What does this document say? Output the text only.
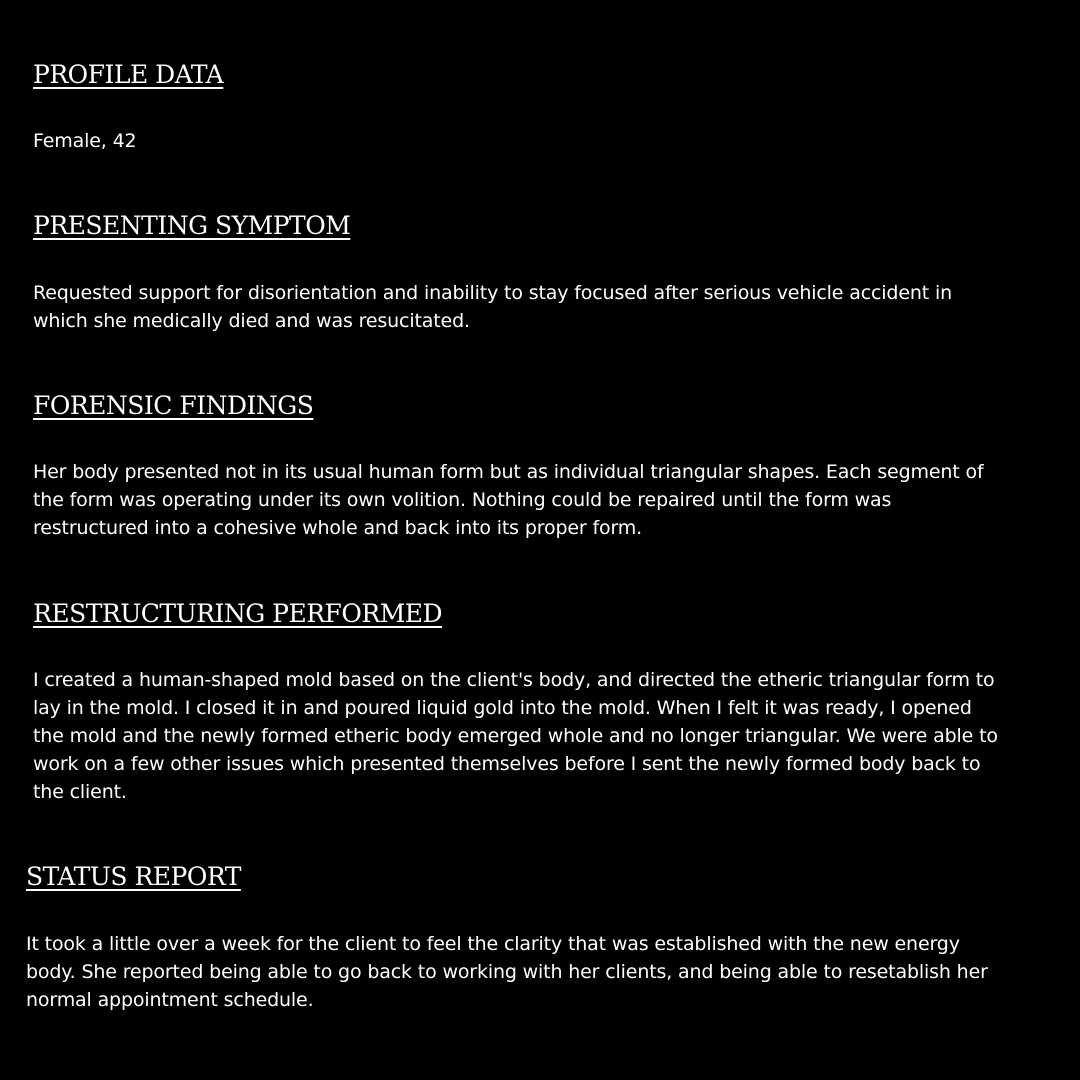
PROFILE DATA

Female, 42

PRESENTING SYMPTOM

Requested support for disorientation and inability to stay focused after serious vehicle accident in which she medically died and was resucitated.

FORENSIC FINDINGS

Her body presented not in its usual human form but as individual triangular shapes. Each segment of the form was operating under its own volition. Nothing could be repaired until the form was restructured into a cohesive whole and back into its proper form.

RESTRUCTURING PERFORMED

I created a human-shaped mold based on the client's body, and directed the etheric triangular form to lay in the mold. I closed it in and poured liquid gold into the mold. When I felt it was ready, I opened the mold and the newly formed etheric body emerged whole and no longer triangular. We were able to work on a few other issues which presented themselves before I sent the newly formed body back to the client.

STATUS REPORT

It took a little over a week for the client to feel the clarity that was established with the new energy body. She reported being able to go back to working with her clients, and being able to resetablish her normal appointment schedule.
